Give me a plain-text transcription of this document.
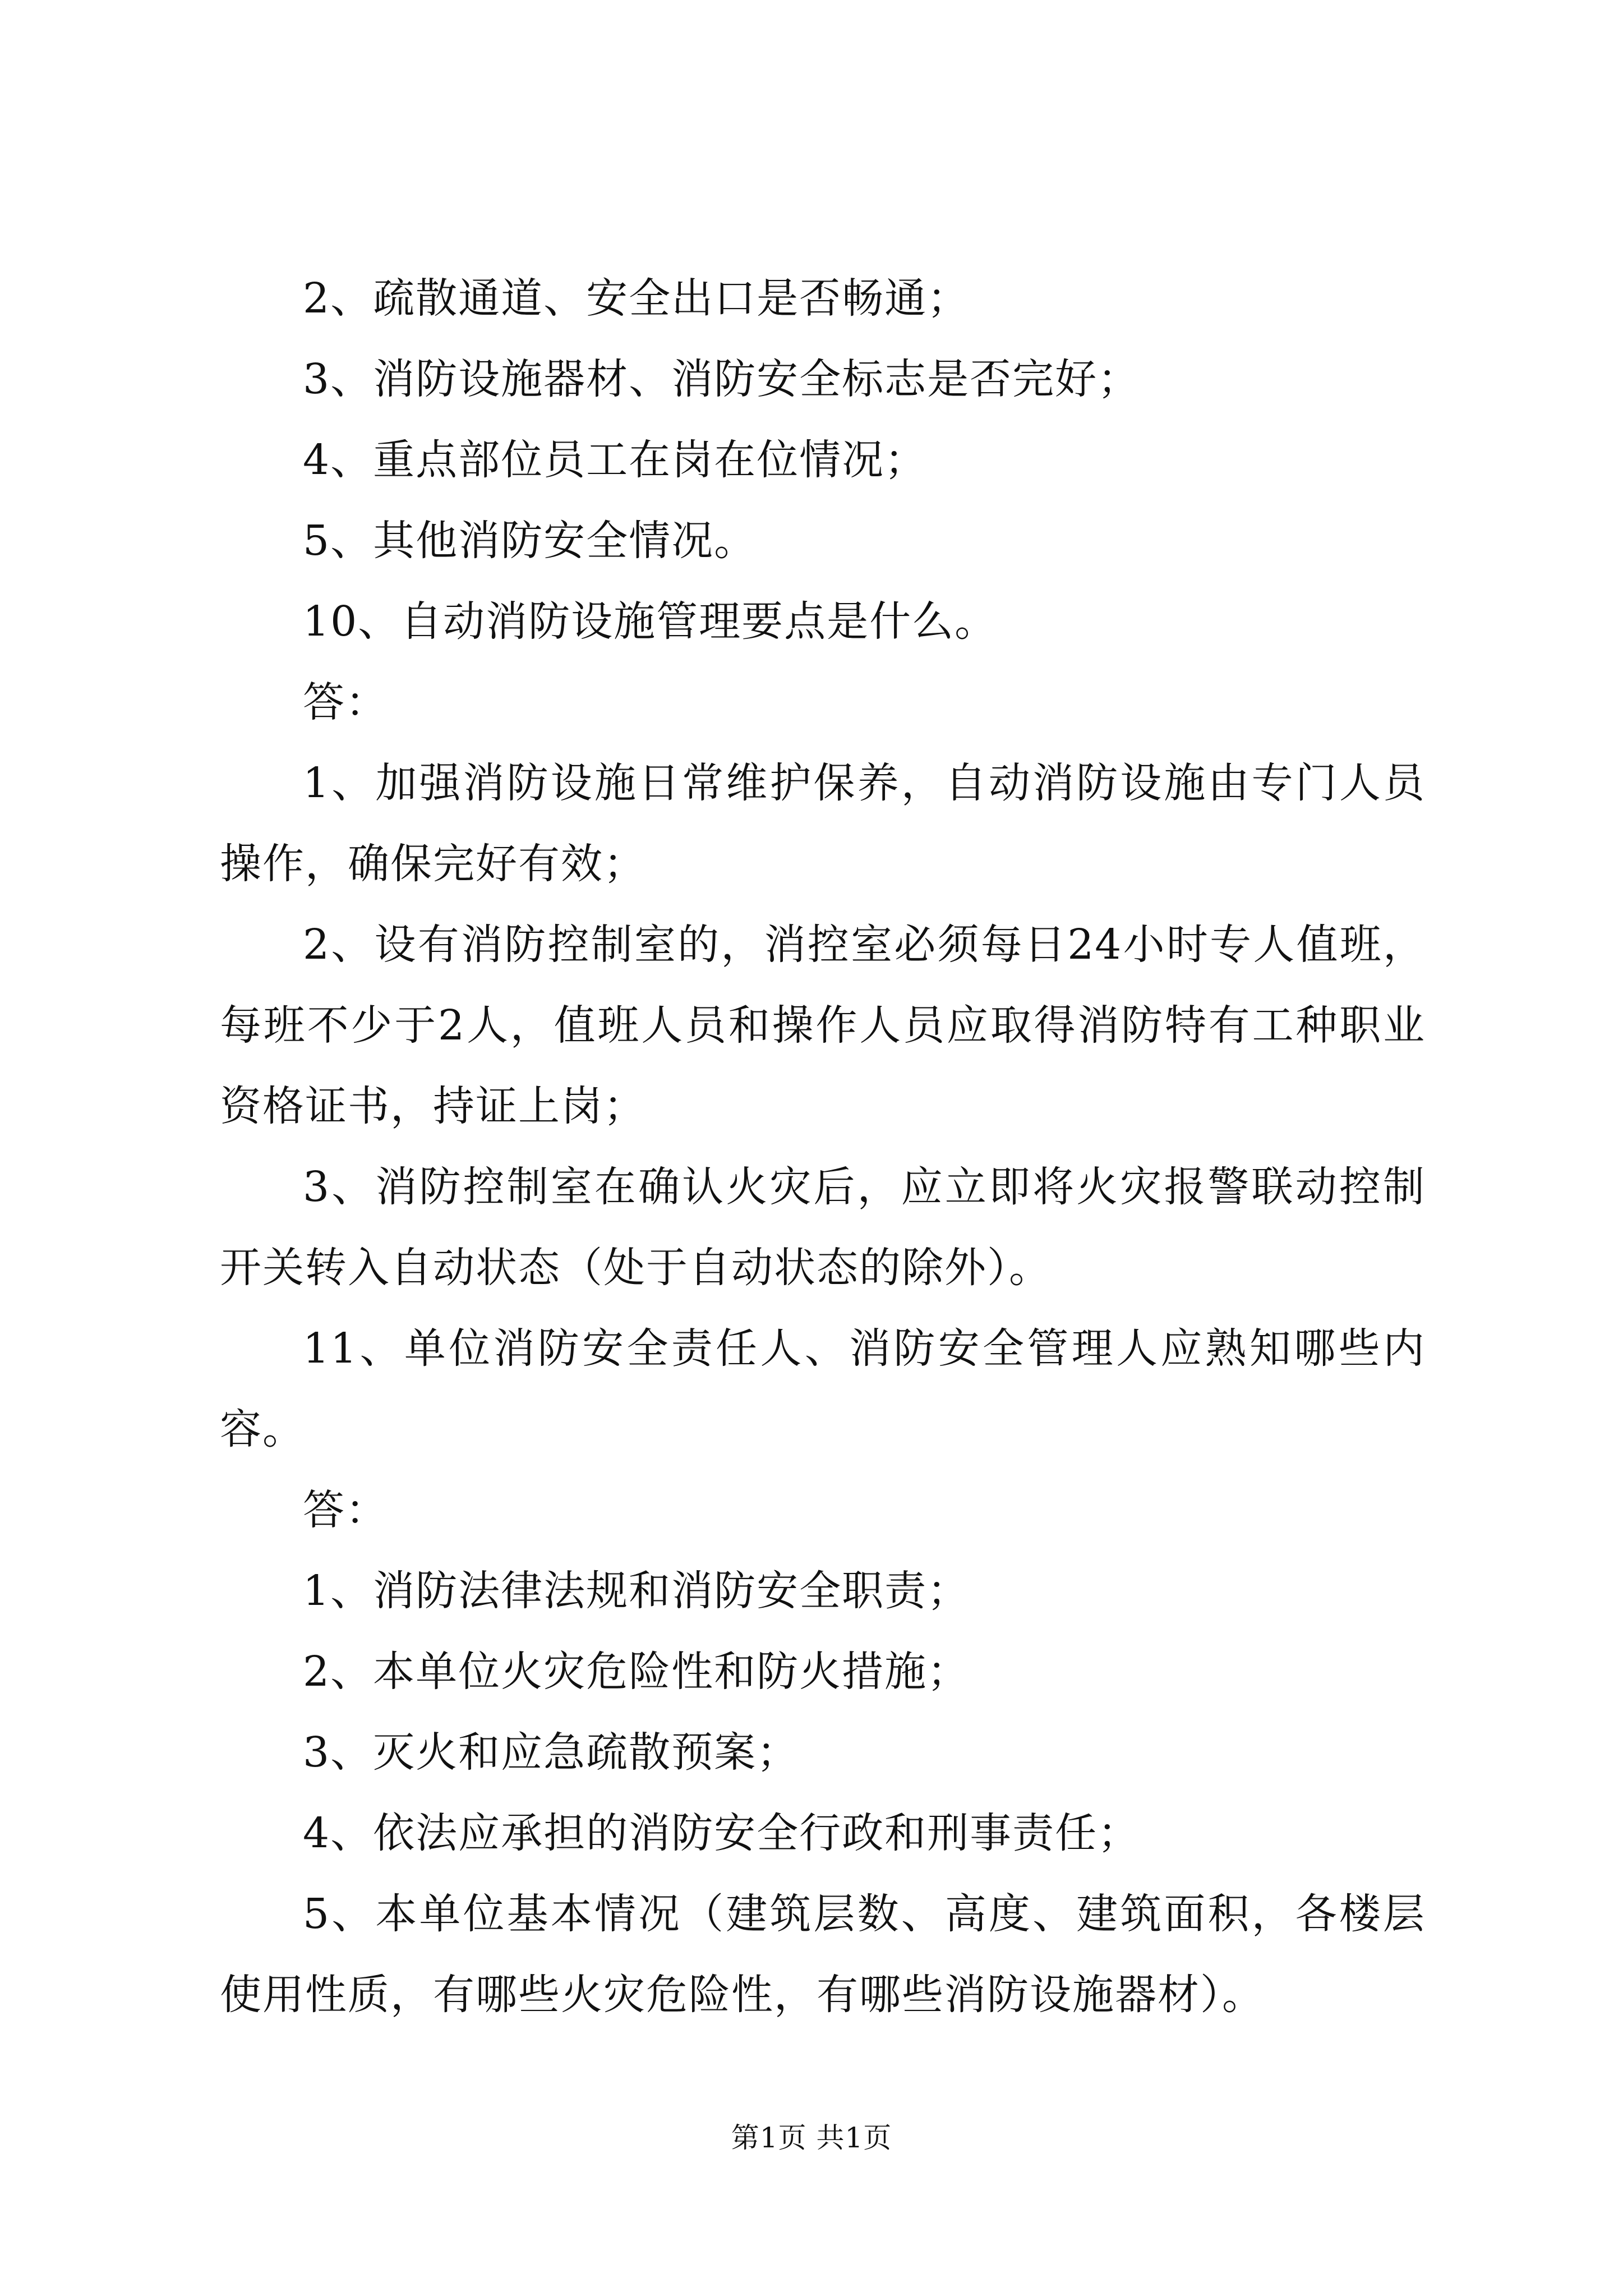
2、疏散通道、安全出口是否畅通；

3、消防设施器材、消防安全标志是否完好；

4、重点部位员工在岗在位情况；

5、其他消防安全情况。

10、自动消防设施管理要点是什么。

答：

1、加强消防设施日常维护保养，自动消防设施由专门人员操作，确保完好有效；

2、设有消防控制室的，消控室必须每日24小时专人值班，每班不少于2人，值班人员和操作人员应取得消防特有工种职业资格证书，持证上岗；

3、消防控制室在确认火灾后，应立即将火灾报警联动控制开关转入自动状态（处于自动状态的除外）。

11、单位消防安全责任人、消防安全管理人应熟知哪些内容。

答：

1、消防法律法规和消防安全职责；

2、本单位火灾危险性和防火措施；

3、灭火和应急疏散预案；

4、依法应承担的消防安全行政和刑事责任；

5、本单位基本情况（建筑层数、高度、建筑面积，各楼层使用性质，有哪些火灾危险性，有哪些消防设施器材）。

第1页 共1页
